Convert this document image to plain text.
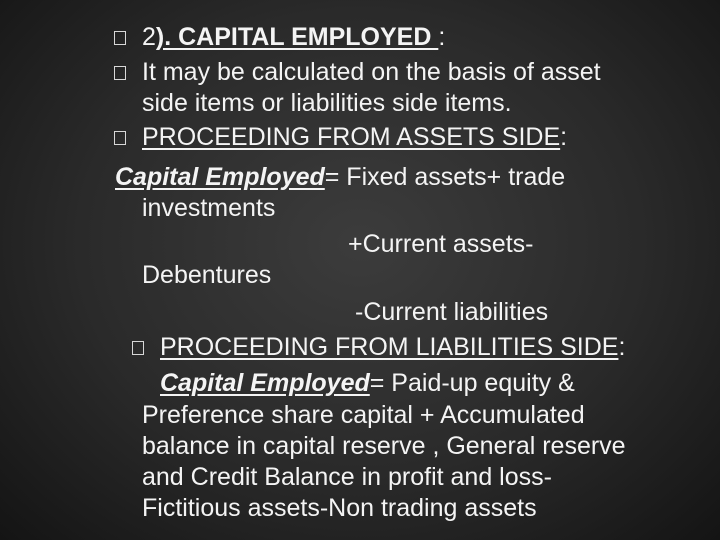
2). CAPITAL EMPLOYED :
It may be calculated on the basis of asset
side items or liabilities side items.
PROCEEDING FROM ASSETS SIDE:
Capital Employed= Fixed assets+ trade
investments
+Current assets-
Debentures
-Current liabilities
PROCEEDING FROM LIABILITIES SIDE:
Capital Employed= Paid-up equity &
Preference share capital + Accumulated
balance in capital reserve , General reserve
and Credit Balance in profit and loss-
Fictitious assets-Non trading assets
